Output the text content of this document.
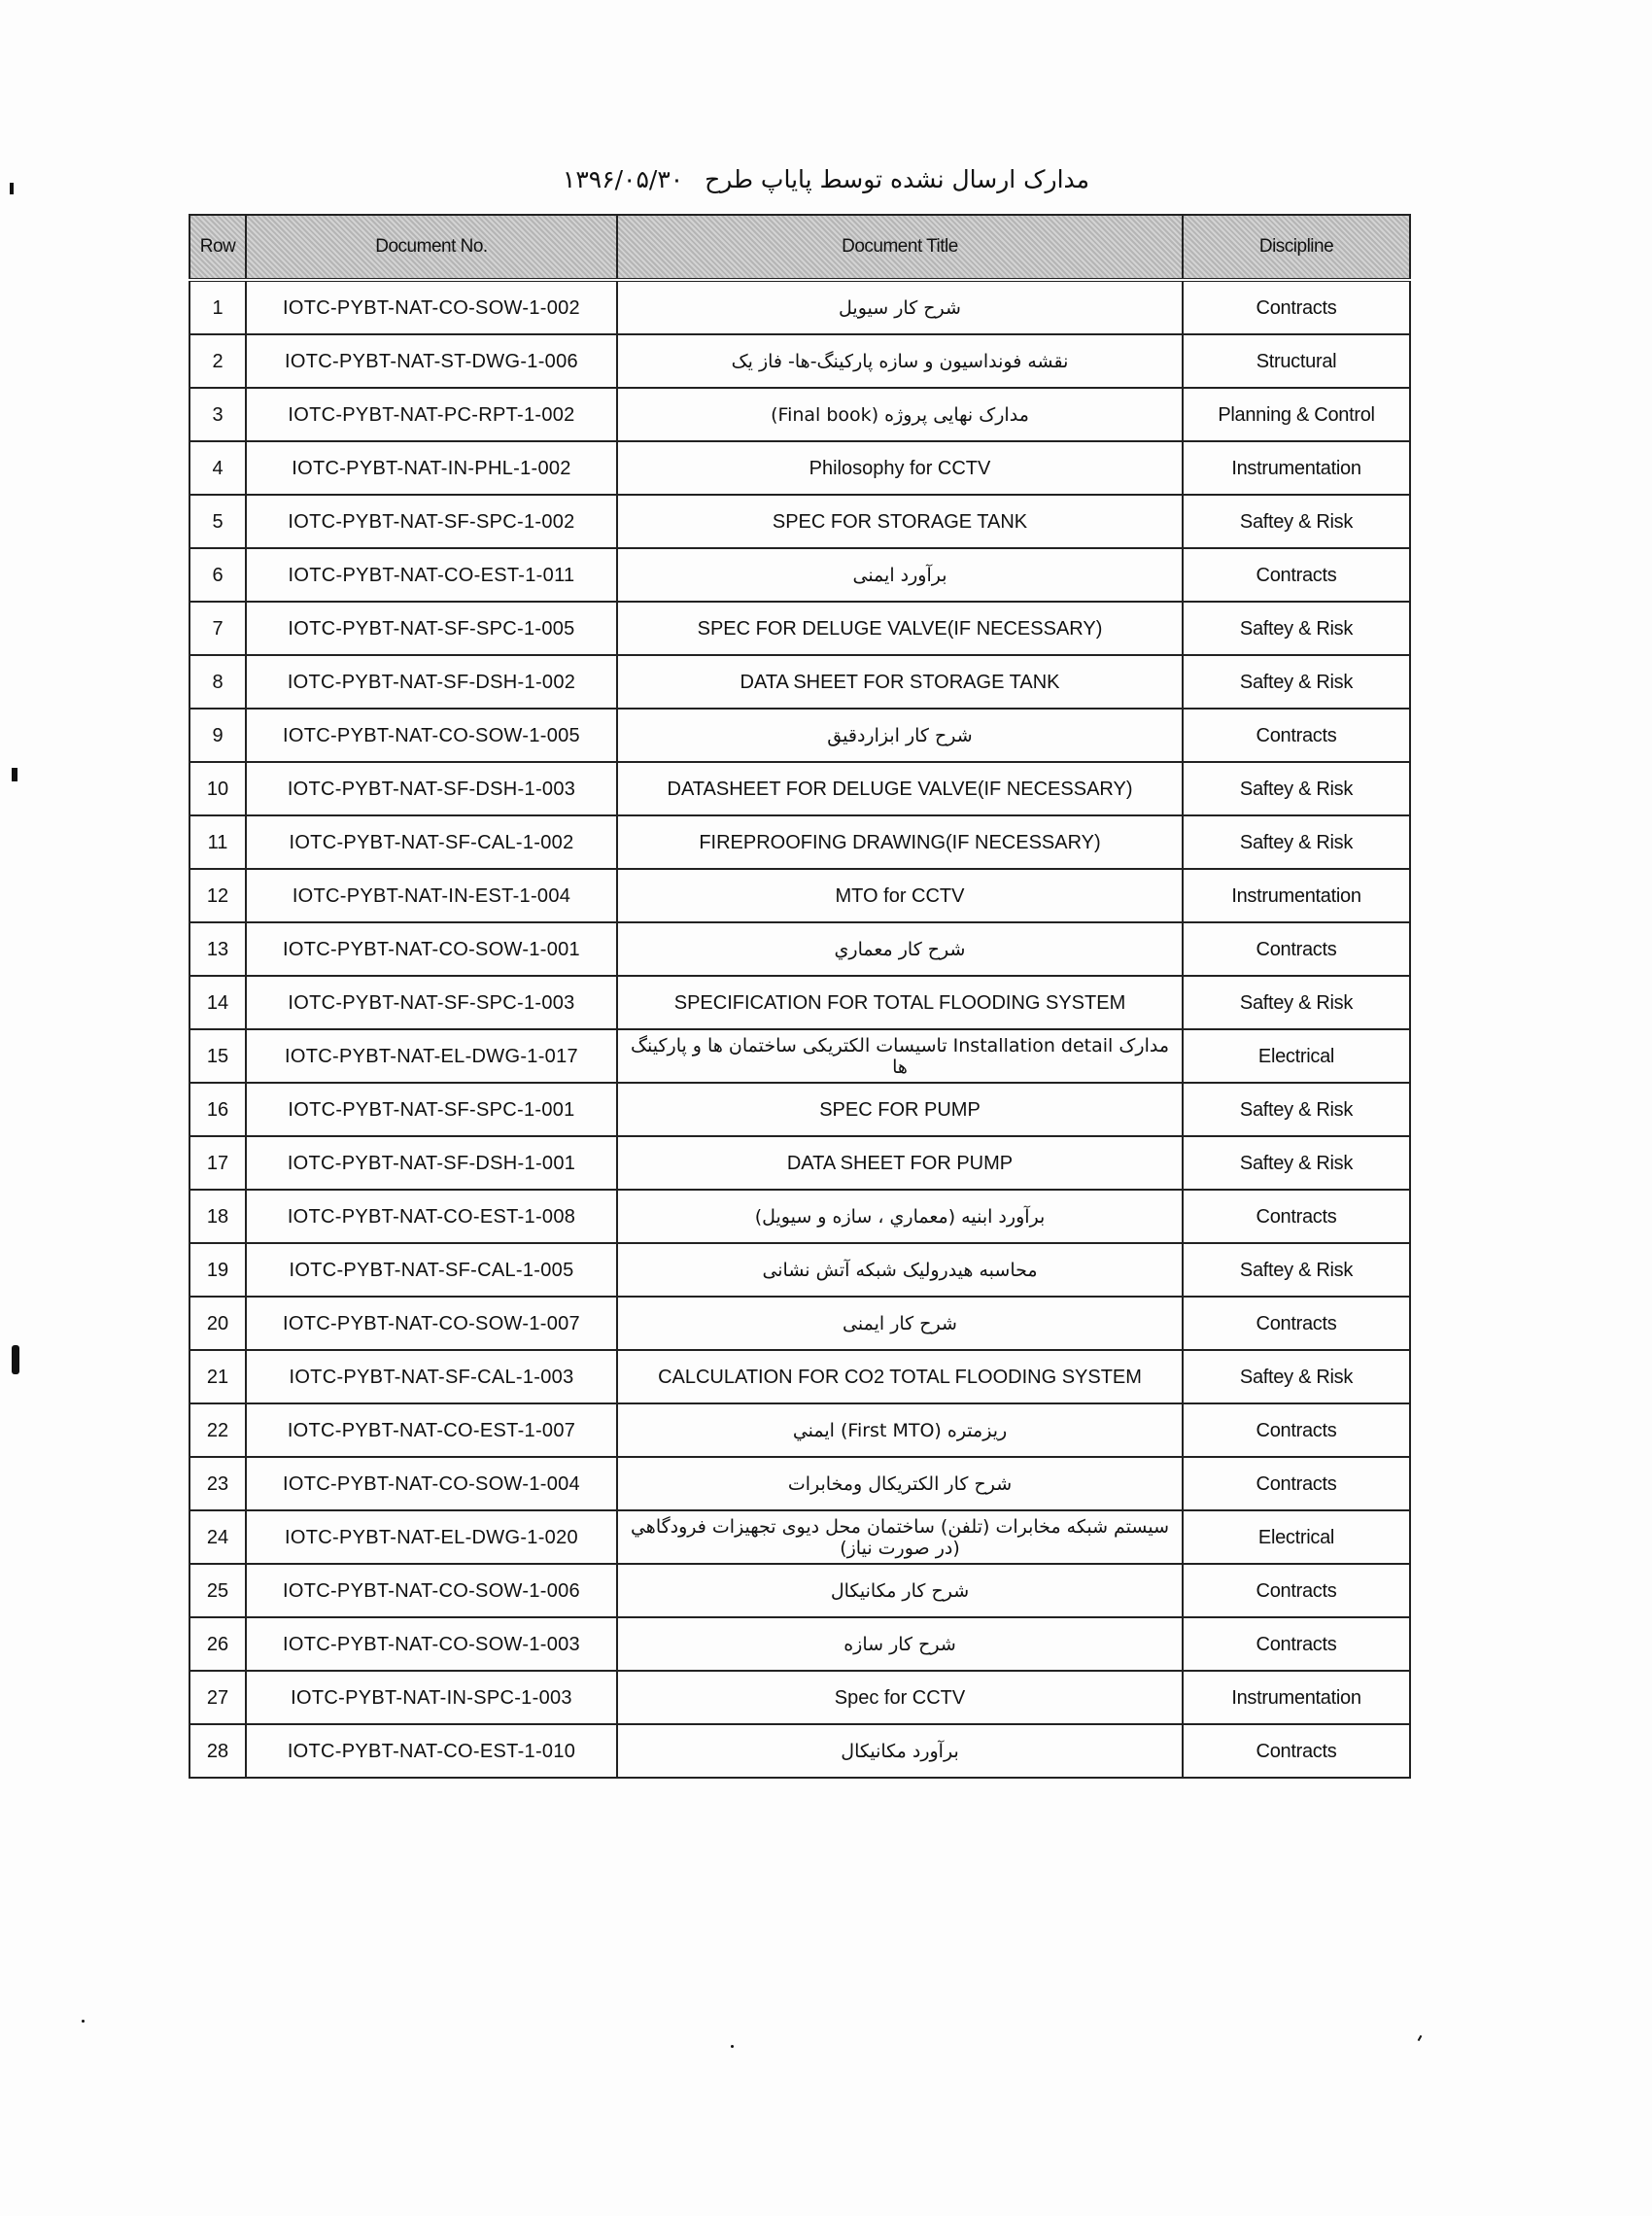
مدارک ارسال نشده توسط پایاپ طرح ۱۳۹۶/۰۵/۳۰
Row	Document No.	Document Title	Discipline
1	IOTC-PYBT-NAT-CO-SOW-1-002	شرح کار سیویل	Contracts
2	IOTC-PYBT-NAT-ST-DWG-1-006	نقشه فونداسیون و سازه پارکینگ-ها- فاز یک	Structural
3	IOTC-PYBT-NAT-PC-RPT-1-002	مدارک نهایی پروژه (Final book)	Planning & Control
4	IOTC-PYBT-NAT-IN-PHL-1-002	Philosophy for CCTV	Instrumentation
5	IOTC-PYBT-NAT-SF-SPC-1-002	SPEC FOR STORAGE TANK	Saftey & Risk
6	IOTC-PYBT-NAT-CO-EST-1-011	برآورد ایمنی	Contracts
7	IOTC-PYBT-NAT-SF-SPC-1-005	SPEC FOR DELUGE VALVE(IF NECESSARY)	Saftey & Risk
8	IOTC-PYBT-NAT-SF-DSH-1-002	DATA SHEET FOR STORAGE TANK	Saftey & Risk
9	IOTC-PYBT-NAT-CO-SOW-1-005	شرح کار ابزاردقیق	Contracts
10	IOTC-PYBT-NAT-SF-DSH-1-003	DATASHEET FOR DELUGE VALVE(IF NECESSARY)	Saftey & Risk
11	IOTC-PYBT-NAT-SF-CAL-1-002	FIREPROOFING DRAWING(IF NECESSARY)	Saftey & Risk
12	IOTC-PYBT-NAT-IN-EST-1-004	MTO for CCTV	Instrumentation
13	IOTC-PYBT-NAT-CO-SOW-1-001	شرح کار معماري	Contracts
14	IOTC-PYBT-NAT-SF-SPC-1-003	SPECIFICATION FOR TOTAL FLOODING SYSTEM	Saftey & Risk
15	IOTC-PYBT-NAT-EL-DWG-1-017	مدارک Installation detail تاسیسات الکتریکی ساختمان ها و پارکینگ ها	Electrical
16	IOTC-PYBT-NAT-SF-SPC-1-001	SPEC FOR PUMP	Saftey & Risk
17	IOTC-PYBT-NAT-SF-DSH-1-001	DATA SHEET FOR PUMP	Saftey & Risk
18	IOTC-PYBT-NAT-CO-EST-1-008	برآورد ابنیه (معماري ، سازه و سیویل)	Contracts
19	IOTC-PYBT-NAT-SF-CAL-1-005	محاسبه هیدرولیک شبکه آتش نشانی	Saftey & Risk
20	IOTC-PYBT-NAT-CO-SOW-1-007	شرح کار ایمنی	Contracts
21	IOTC-PYBT-NAT-SF-CAL-1-003	CALCULATION FOR CO2 TOTAL FLOODING SYSTEM	Saftey & Risk
22	IOTC-PYBT-NAT-CO-EST-1-007	ریزمتره (First MTO) ایمني	Contracts
23	IOTC-PYBT-NAT-CO-SOW-1-004	شرح کار الکتریکال ومخابرات	Contracts
24	IOTC-PYBT-NAT-EL-DWG-1-020	سیستم شبکه مخابرات (تلفن) ساختمان محل دیوی تجهیزات فرودگاهي (در صورت نیاز)	Electrical
25	IOTC-PYBT-NAT-CO-SOW-1-006	شرح کار مکانیکال	Contracts
26	IOTC-PYBT-NAT-CO-SOW-1-003	شرح کار سازه	Contracts
27	IOTC-PYBT-NAT-IN-SPC-1-003	Spec for CCTV	Instrumentation
28	IOTC-PYBT-NAT-CO-EST-1-010	برآورد مکانیکال	Contracts
